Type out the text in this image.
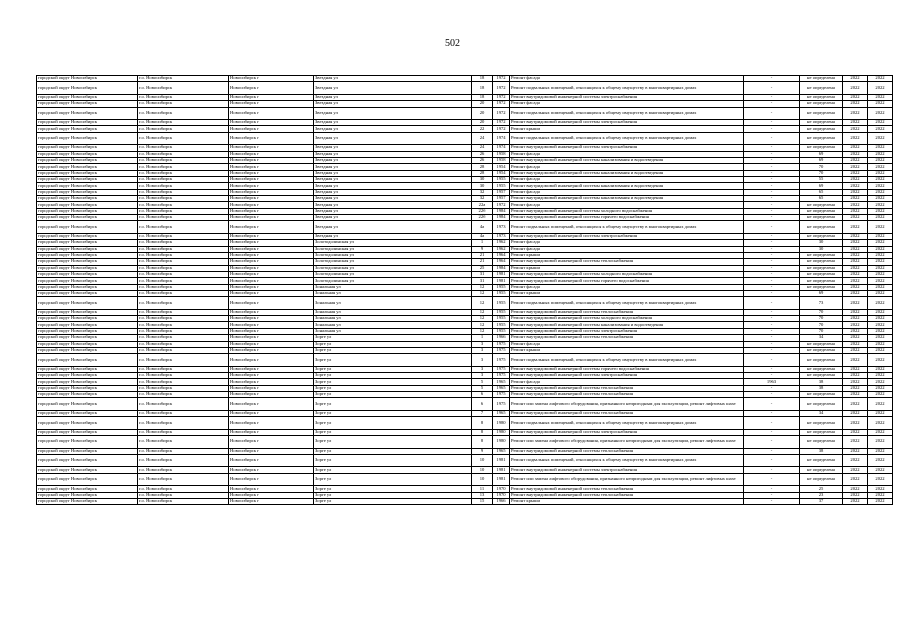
502
городской округ Новосибирск	г.о. Новосибирск	Новосибирск г	Звездная ул	18	1972	Ремонт фасада	-	не определена	2022	2022
городской округ Новосибирск	г.о. Новосибирск	Новосибирск г	Звездная ул	18	1972	Ремонт подвальных помещений, относящихся к общему имуществу в многоквартирных домах	-	не определена	2022	2022
городской округ Новосибирск	г.о. Новосибирск	Новосибирск г	Звездная ул	18	1972	Ремонт внутридомовой инженерной системы электроснабжения	-	не определена	2022	2022
городской округ Новосибирск	г.о. Новосибирск	Новосибирск г	Звездная ул	20	1972	Ремонт фасада	-	не определена	2022	2022
городской округ Новосибирск	г.о. Новосибирск	Новосибирск г	Звездная ул	20	1972	Ремонт подвальных помещений, относящихся к общему имуществу в многоквартирных домах	-	не определена	2022	2022
городской округ Новосибирск	г.о. Новосибирск	Новосибирск г	Звездная ул	20	1972	Ремонт внутридомовой инженерной системы электроснабжения	-	не определена	2022	2022
городской округ Новосибирск	г.о. Новосибирск	Новосибирск г	Звездная ул	22	1972	Ремонт крыши	-	не определена	2022	2022
городской округ Новосибирск	г.о. Новосибирск	Новосибирск г	Звездная ул	24	1974	Ремонт подвальных помещений, относящихся к общему имуществу в многоквартирных домах	-	не определена	2022	2022
городской округ Новосибирск	г.о. Новосибирск	Новосибирск г	Звездная ул	24	1974	Ремонт внутридомовой инженерной системы электроснабжения	-	не определена	2022	2022
городской округ Новосибирск	г.о. Новосибирск	Новосибирск г	Звездная ул	26	1958	Ремонт фасада	-	69	2022	2022
городской округ Новосибирск	г.о. Новосибирск	Новосибирск г	Звездная ул	26	1958	Ремонт внутридомовой инженерной системы канализования и водоотведения	-	69	2022	2022
городской округ Новосибирск	г.о. Новосибирск	Новосибирск г	Звездная ул	28	1954	Ремонт фасада	-	70	2022	2022
городской округ Новосибирск	г.о. Новосибирск	Новосибирск г	Звездная ул	28	1954	Ремонт внутридомовой инженерной системы канализования и водоотведения	-	70	2022	2022
городской округ Новосибирск	г.о. Новосибирск	Новосибирск г	Звездная ул	30	1955	Ремонт фасада	-	55	2022	2022
городской округ Новосибирск	г.о. Новосибирск	Новосибирск г	Звездная ул	30	1955	Ремонт внутридомовой инженерной системы канализования и водоотведения	-	69	2022	2022
городской округ Новосибирск	г.о. Новосибирск	Новосибирск г	Звездная ул	32	1957	Ремонт фасада	-	65	2022	2022
городской округ Новосибирск	г.о. Новосибирск	Новосибирск г	Звездная ул	32	1957	Ремонт внутридомовой инженерной системы канализования и водоотведения	-	65	2022	2022
городской округ Новосибирск	г.о. Новосибирск	Новосибирск г	Звездная ул	22а	1972	Ремонт фасада	-	не определена	2022	2022
городской округ Новосибирск	г.о. Новосибирск	Новосибирск г	Звездная ул	22б	1984	Ремонт внутридомовой инженерной системы холодного водоснабжения	-	не определена	2022	2022
городской округ Новосибирск	г.о. Новосибирск	Новосибирск г	Звездная ул	22б	1984	Ремонт внутридомовой инженерной системы горячего водоснабжения	-	не определена	2022	2022
городской округ Новосибирск	г.о. Новосибирск	Новосибирск г	Звездная ул	4а	1973	Ремонт подвальных помещений, относящихся к общему имуществу в многоквартирных домах	-	не определена	2022	2022
городской округ Новосибирск	г.о. Новосибирск	Новосибирск г	Звездная ул	4а	1973	Ремонт внутридомовой инженерной системы электроснабжения	-	не определена	2022	2022
городской округ Новосибирск	г.о. Новосибирск	Новосибирск г	Золотодолинская ул	1	1962	Ремонт фасада	-	30	2022	2022
городской округ Новосибирск	г.о. Новосибирск	Новосибирск г	Золотодолинская ул	9	1962	Ремонт фасада	-	30	2022	2022
городской округ Новосибирск	г.о. Новосибирск	Новосибирск г	Золотодолинская ул	21	1964	Ремонт крыши	-	не определена	2022	2022
городской округ Новосибирск	г.о. Новосибирск	Новосибирск г	Золотодолинская ул	21	1964	Ремонт внутридомовой инженерной системы теплоснабжения	-	не определена	2022	2022
городской округ Новосибирск	г.о. Новосибирск	Новосибирск г	Золотодолинская ул	25	1984	Ремонт крыши	-	не определена	2022	2022
городской округ Новосибирск	г.о. Новосибирск	Новосибирск г	Золотодолинская ул	31	1981	Ремонт внутридомовой инженерной системы холодного водоснабжения	-	не определена	2022	2022
городской округ Новосибирск	г.о. Новосибирск	Новосибирск г	Золотодолинская ул	31	1981	Ремонт внутридомовой инженерной системы горячего водоснабжения	-	не определена	2022	2022
городской округ Новосибирск	г.о. Новосибирск	Новосибирск г	Зональная ул	12	1955	Ремонт фасада	-	не определена	2022	2022
городской округ Новосибирск	г.о. Новосибирск	Новосибирск г	Зональная ул	12	1955	Ремонт крыши	-	69	2022	2022
городской округ Новосибирск	г.о. Новосибирск	Новосибирск г	Зональная ул	12	1955	Ремонт подвальных помещений, относящихся к общему имуществу в многоквартирных домах	-	73	2022	2022
городской округ Новосибирск	г.о. Новосибирск	Новосибирск г	Зональная ул	12	1955	Ремонт внутридомовой инженерной системы теплоснабжения	-	70	2022	2022
городской округ Новосибирск	г.о. Новосибирск	Новосибирск г	Зональная ул	12	1955	Ремонт внутридомовой инженерной системы холодного водоснабжения	-	70	2022	2022
городской округ Новосибирск	г.о. Новосибирск	Новосибирск г	Зональная ул	12	1955	Ремонт внутридомовой инженерной системы канализования и водоотведения	-	70	2022	2022
городской округ Новосибирск	г.о. Новосибирск	Новосибирск г	Зональная ул	12	1955	Ремонт внутридомовой инженерной системы электроснабжения	-	70	2022	2022
городской округ Новосибирск	г.о. Новосибирск	Новосибирск г	Зорге ул	1	1966	Ремонт внутридомовой инженерной системы теплоснабжения	-	34	2022	2022
городской округ Новосибирск	г.о. Новосибирск	Новосибирск г	Зорге ул	3	1975	Ремонт фасада	-	не определена	2022	2022
городской округ Новосибирск	г.о. Новосибирск	Новосибирск г	Зорге ул	3	1975	Ремонт крыши	-	не определена	2022	2022
городской округ Новосибирск	г.о. Новосибирск	Новосибирск г	Зорге ул	3	1975	Ремонт подвальных помещений, относящихся к общему имуществу в многоквартирных домах	-	не определена	2022	2022
городской округ Новосибирск	г.о. Новосибирск	Новосибирск г	Зорге ул	3	1975	Ремонт внутридомовой инженерной системы горячего водоснабжения	-	не определена	2022	2022
городской округ Новосибирск	г.о. Новосибирск	Новосибирск г	Зорге ул	3	1975	Ремонт внутридомовой инженерной системы электроснабжения	-	не определена	2022	2022
городской округ Новосибирск	г.о. Новосибирск	Новосибирск г	Зорге ул	5	1965	Ремонт фасада	1963	38	2022	2022
городской округ Новосибирск	г.о. Новосибирск	Новосибирск г	Зорге ул	5	1965	Ремонт внутридомовой инженерной системы теплоснабжения	-	38	2022	2022
городской округ Новосибирск	г.о. Новосибирск	Новосибирск г	Зорге ул	6	1975	Ремонт внутридомовой инженерной системы теплоснабжения	-	не определена	2022	2022
городской округ Новосибирск	г.о. Новосибирск	Новосибирск г	Зорге ул	6	1975	Ремонт или замена лифтового оборудования, признанного непригодным для эксплуатации, ремонт лифтовых шахт	-	не определена	2022	2022
городской округ Новосибирск	г.о. Новосибирск	Новосибирск г	Зорге ул	7	1965	Ремонт внутридомовой инженерной системы теплоснабжения	-	34	2022	2022
городской округ Новосибирск	г.о. Новосибирск	Новосибирск г	Зорге ул	8	1980	Ремонт подвальных помещений, относящихся к общему имуществу в многоквартирных домах	-	не определена	2022	2022
городской округ Новосибирск	г.о. Новосибирск	Новосибирск г	Зорге ул	8	1980	Ремонт внутридомовой инженерной системы электроснабжения	-	не определена	2022	2022
городской округ Новосибирск	г.о. Новосибирск	Новосибирск г	Зорге ул	8	1980	Ремонт или замена лифтового оборудования, признанного непригодным для эксплуатации, ремонт лифтовых шахт	-	не определена	2022	2022
городской округ Новосибирск	г.о. Новосибирск	Новосибирск г	Зорге ул	9	1965	Ремонт внутридомовой инженерной системы теплоснабжения	-	38	2022	2022
городской округ Новосибирск	г.о. Новосибирск	Новосибирск г	Зорге ул	10	1981	Ремонт подвальных помещений, относящихся к общему имуществу в многоквартирных домах	-	не определена	2022	2022
городской округ Новосибирск	г.о. Новосибирск	Новосибирск г	Зорге ул	10	1981	Ремонт внутридомовой инженерной системы электроснабжения	-	не определена	2022	2022
городской округ Новосибирск	г.о. Новосибирск	Новосибирск г	Зорге ул	10	1981	Ремонт или замена лифтового оборудования, признанного непригодным для эксплуатации, ремонт лифтовых шахт	-	не определена	2022	2022
городской округ Новосибирск	г.о. Новосибирск	Новосибирск г	Зорге ул	11	1970	Ремонт внутридомовой инженерной системы теплоснабжения	-	25	2022	2022
городской округ Новосибирск	г.о. Новосибирск	Новосибирск г	Зорге ул	13	1970	Ремонт внутридомовой инженерной системы теплоснабжения	-	23	2022	2022
городской округ Новосибирск	г.о. Новосибирск	Новосибирск г	Зорге ул	15	1966	Ремонт крыши	-	37	2022	2022
